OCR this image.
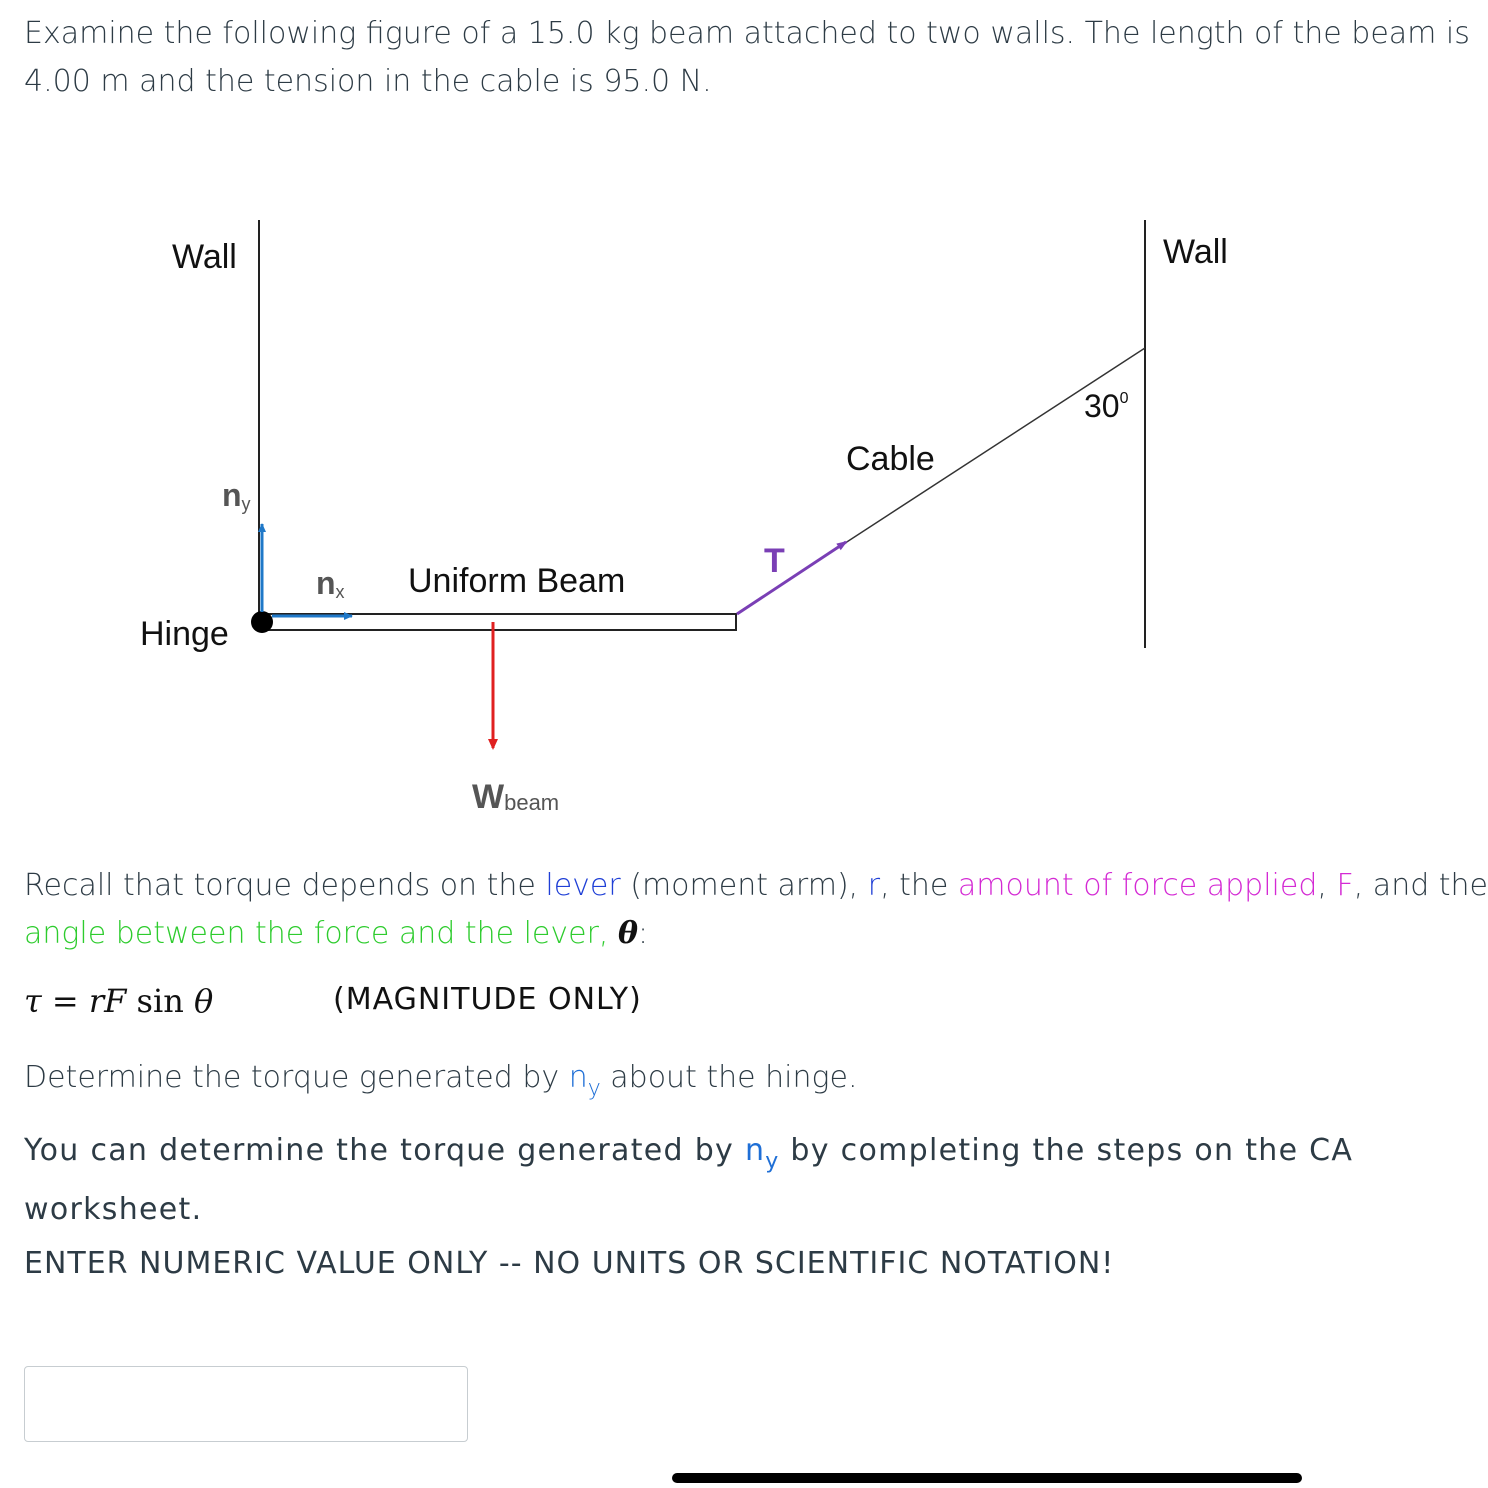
Examine the following figure of a 15.0 kg beam attached to two walls. The length of the beam is
4.00 m and the tension in the cable is 95.0 N.
Wall	Wall
Cable
$30^0$
Uniform Beam
Hinge
ny
nx
T
Wbeam
Recall that torque depends on the lever (moment arm), r, the amount of force applied, F, and the
angle between the force and the lever, θ:
τ = rF sin θ	(MAGNITUDE ONLY)
Determine the torque generated by $n_y$ about the hinge.
You can determine the torque generated by $n_y$ by completing the steps on the CA
worksheet.
ENTER NUMERIC VALUE ONLY -- NO UNITS OR SCIENTIFIC NOTATION!
